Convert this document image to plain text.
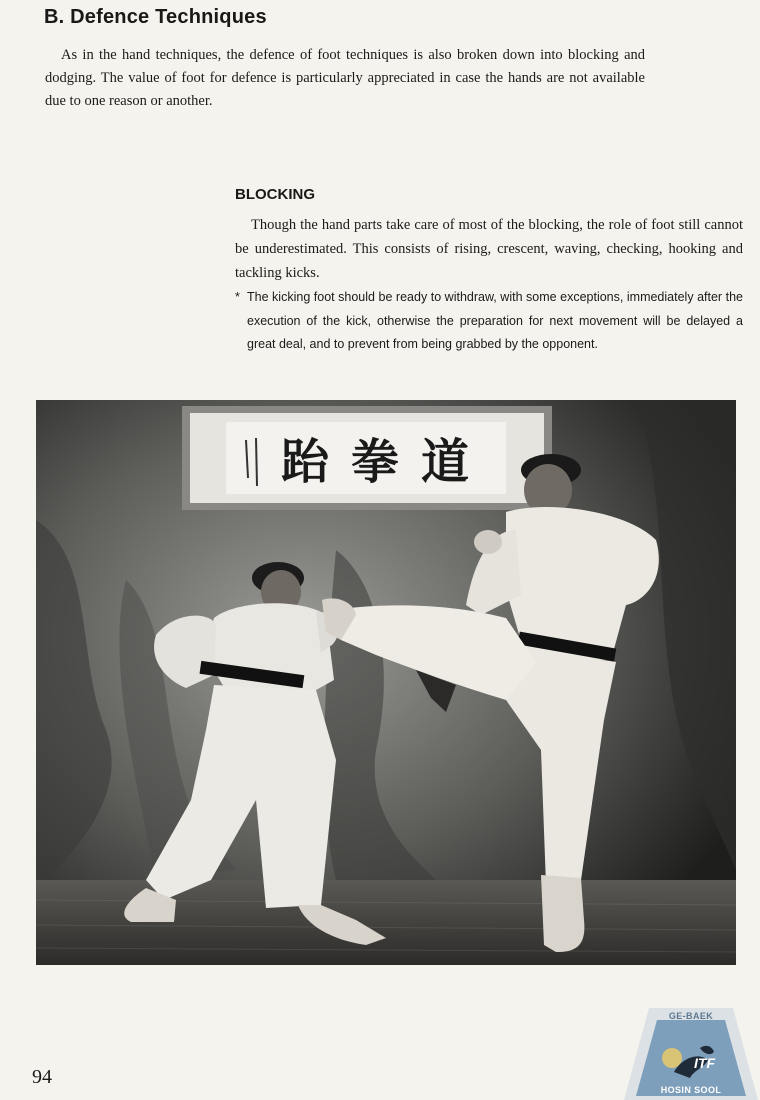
B. Defence Techniques

As in the hand techniques, the defence of foot techniques is also broken down into blocking and dodging. The value of foot for defence is particularly appreciated in case the hands are not available due to one reason or another.

BLOCKING

Though the hand parts take care of most of the blocking, the role of foot still cannot be underestimated. This consists of rising, crescent, waving, checking, hooking and tackling kicks.

* The kicking foot should be ready to withdraw, with some exceptions, immediately after the execution of the kick, otherwise the preparation for next movement will be delayed a great deal, and to prevent from being grabbed by the opponent.
跆拳道
94
GE-BAEK
ITF
HOSIN SOOL
